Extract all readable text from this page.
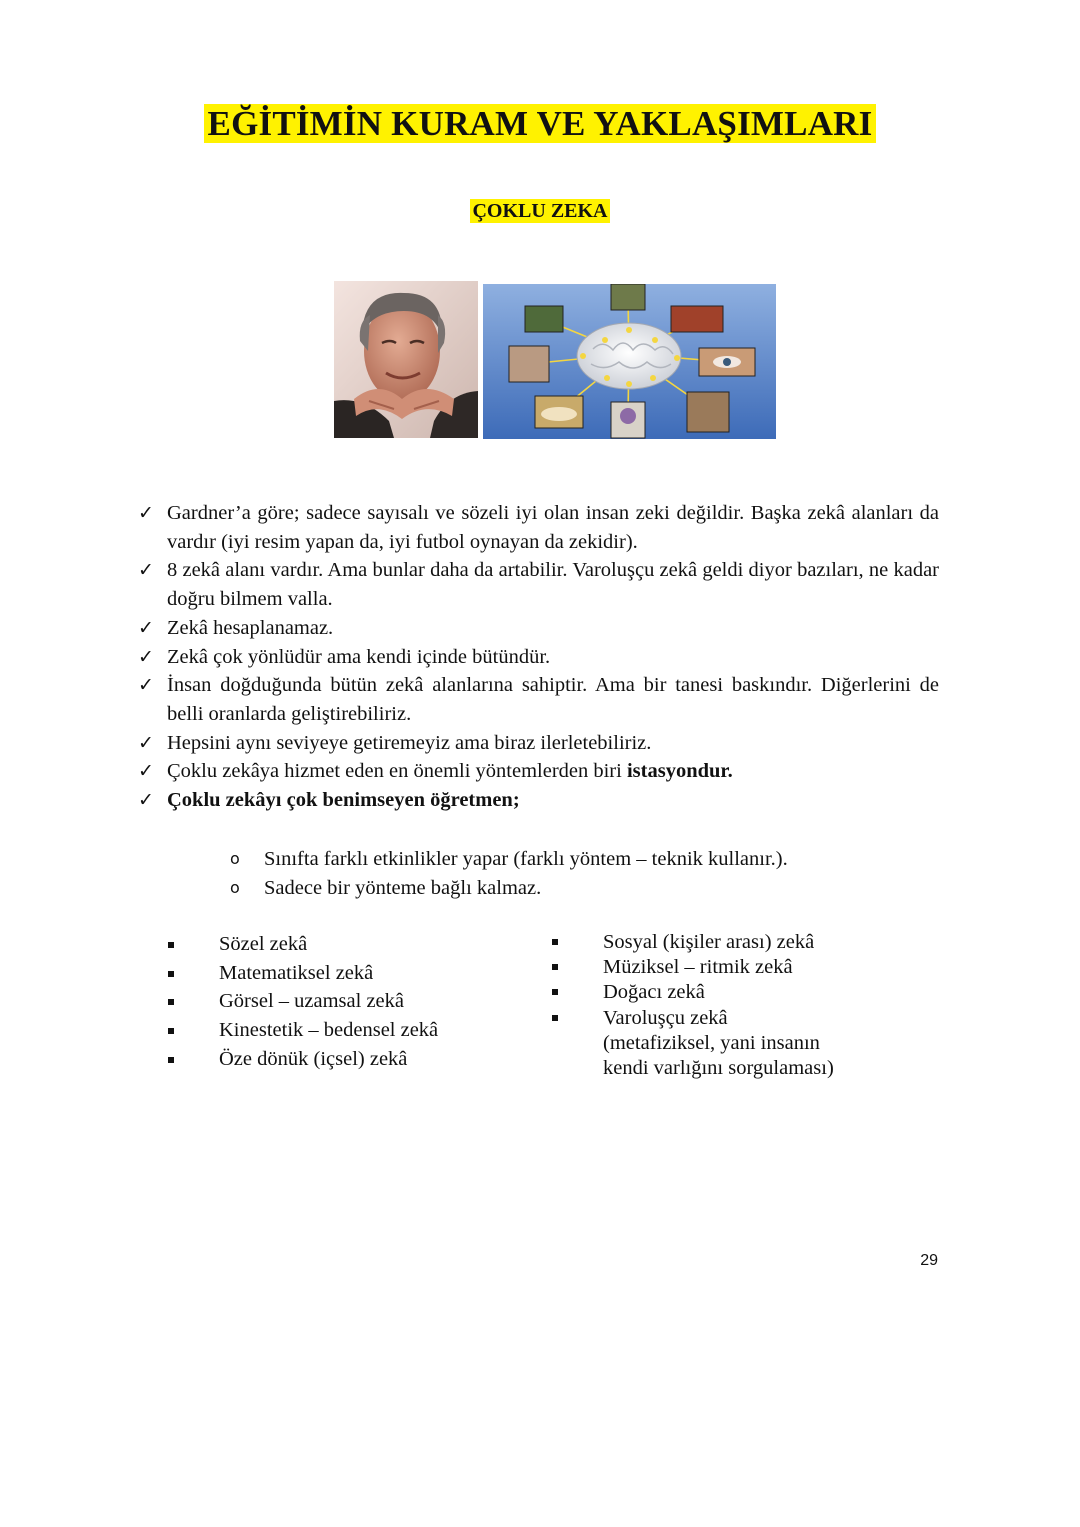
EĞİTİMİN KURAM VE YAKLAŞIMLARI
ÇOKLU ZEKA
✓ Gardner’a göre; sadece sayısalı ve sözeli iyi olan insan zeki değildir. Başka zekâ alanları da vardır (iyi resim yapan da, iyi futbol oynayan da zekidir).
✓ 8 zekâ alanı vardır. Ama bunlar daha da artabilir. Varoluşçu zekâ geldi diyor bazıları, ne kadar doğru bilmem valla.
✓ Zekâ hesaplanamaz.
✓ Zekâ çok yönlüdür ama kendi içinde bütündür.
✓ İnsan doğduğunda bütün zekâ alanlarına sahiptir. Ama bir tanesi baskındır. Diğerlerini de belli oranlarda geliştirebiliriz.
✓ Hepsini aynı seviyeye getiremeyiz ama biraz ilerletebiliriz.
✓ Çoklu zekâya hizmet eden en önemli yöntemlerden biri istasyondur.
✓ Çoklu zekâyı çok benimseyen öğretmen;
o Sınıfta farklı etkinlikler yapar (farklı yöntem – teknik kullanır.).
o Sadece bir yönteme bağlı kalmaz.
Sözel zekâ
Matematiksel zekâ
Görsel – uzamsal zekâ
Kinestetik – bedensel zekâ
Öze dönük (içsel) zekâ
Sosyal (kişiler arası) zekâ
Müziksel – ritmik zekâ
Doğacı zekâ
Varoluşçu zekâ
(metafiziksel, yani insanın
kendi varlığını sorgulaması)
29
